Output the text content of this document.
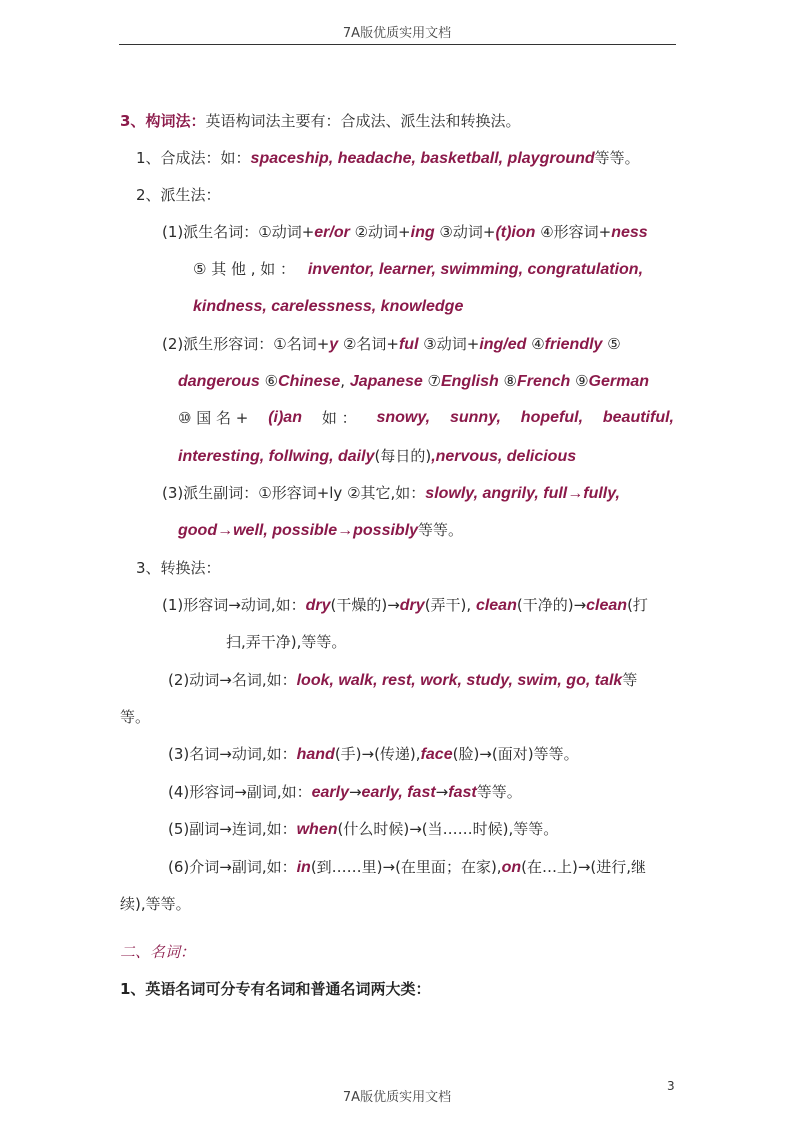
7A版优质实用文档
3、构词法：英语构词法主要有：合成法、派生法和转换法。
1、合成法：如：spaceship, headache, basketball, playground等等。
2、派生法：
(1)派生名词：①动词+er/or ②动词+ing ③动词+(t)ion ④形容词+ness
⑤ 其 他 , 如 ： inventor, learner, swimming, congratulation,
kindness, carelessness, knowledge
(2)派生形容词：①名词+y ②名词+ful ③动词+ing/ed ④friendly ⑤
dangerous ⑥Chinese, Japanese ⑦English ⑧French ⑨German
⑩ 国 名 + (i)an 如 ： snowy, sunny, hopeful, beautiful,
interesting, follwing, daily(每日的),nervous, delicious
(3)派生副词：①形容词+ly ②其它,如：slowly, angrily, full→fully,
good→well, possible→possibly等等。
3、转换法：
(1)形容词→动词,如：dry(干燥的)→dry(弄干), clean(干净的)→clean(打
扫,弄干净),等等。
(2)动词→名词,如：look, walk, rest, work, study, swim, go, talk等
等。
(3)名词→动词,如：hand(手)→(传递),face(脸)→(面对)等等。
(4)形容词→副词,如：early→early, fast→fast等等。
(5)副词→连词,如：when(什么时候)→(当……时候),等等。
(6)介词→副词,如：in(到……里)→(在里面；在家),on(在…上)→(进行,继
续),等等。
二、名词：
1、英语名词可分专有名词和普通名词两大类：
3
7A版优质实用文档
